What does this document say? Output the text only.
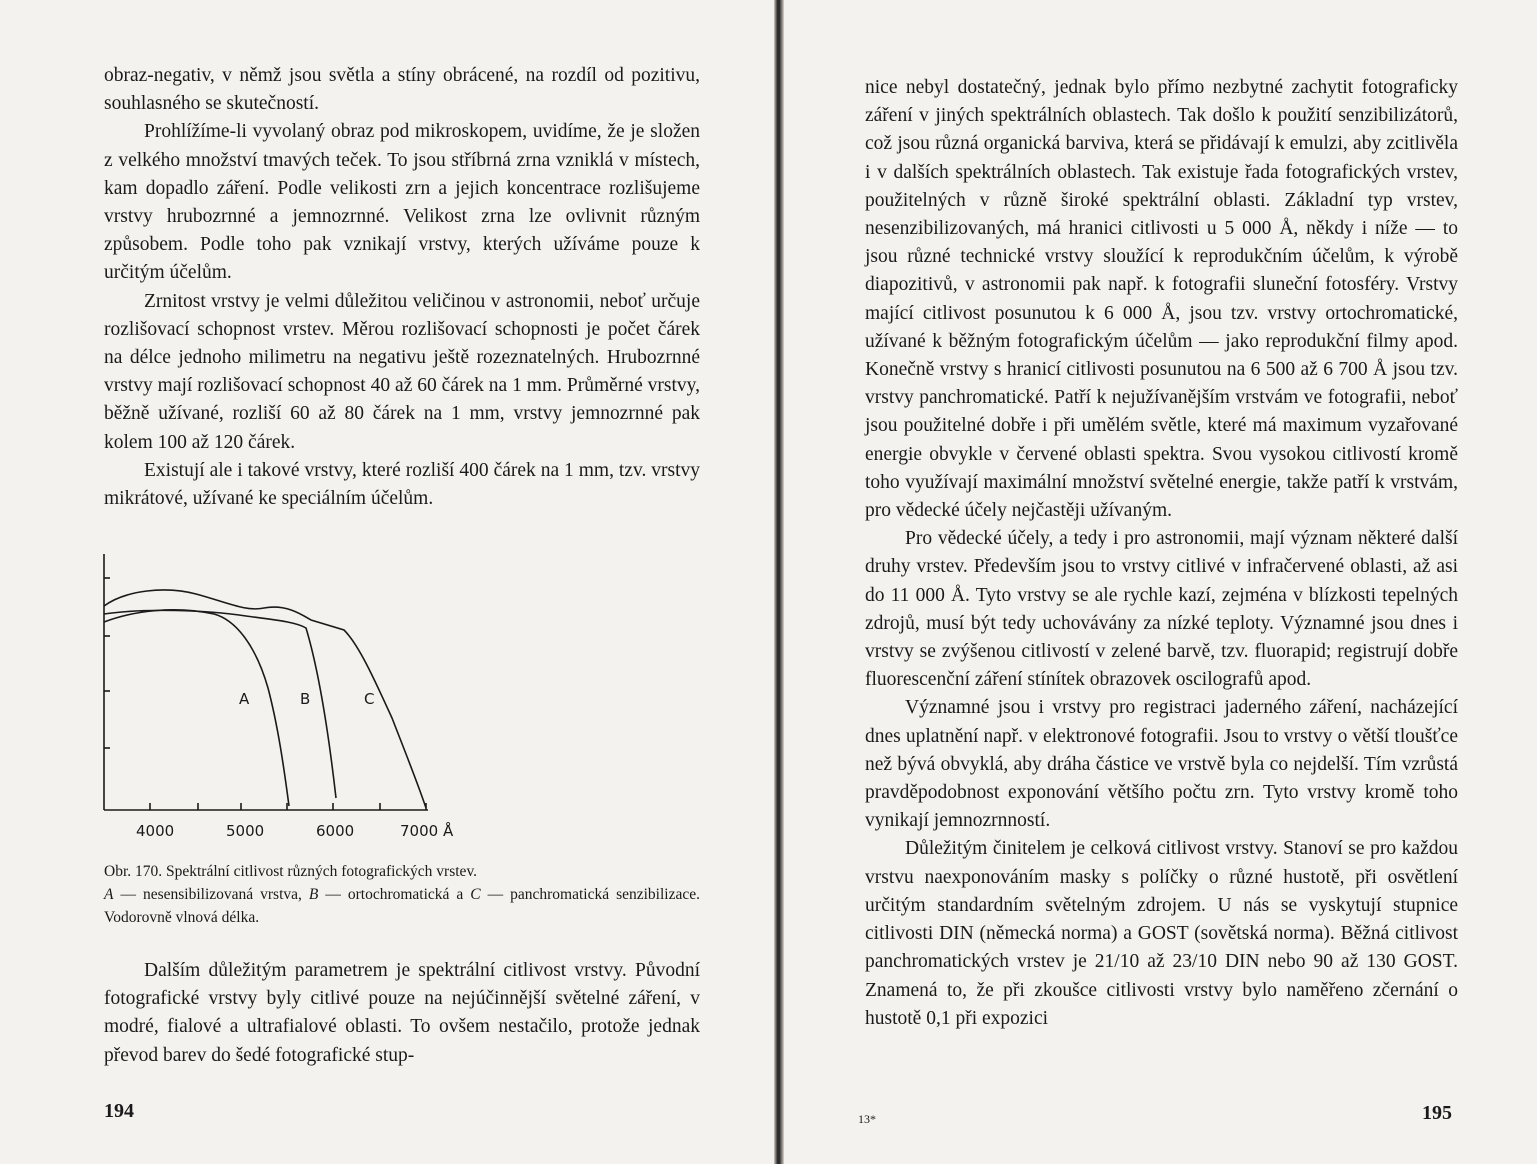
obraz-negativ, v němž jsou světla a stíny obrácené, na rozdíl od pozitivu, souhlasného se skutečností.

Prohlížíme-li vyvolaný obraz pod mikroskopem, uvidíme, že je složen z velkého množství tmavých teček. To jsou stříbrná zrna vzniklá v místech, kam dopadlo záření. Podle velikosti zrn a jejich koncentrace rozlišujeme vrstvy hrubozrnné a jemnozrnné. Velikost zrna lze ovlivnit různým způsobem. Podle toho pak vznikají vrstvy, kterých užíváme pouze k určitým účelům.

Zrnitost vrstvy je velmi důležitou veličinou v astronomii, neboť určuje rozlišovací schopnost vrstev. Měrou rozlišovací schopnosti je počet čárek na délce jednoho milimetru na negativu ještě rozeznatelných. Hrubozrnné vrstvy mají rozlišovací schopnost 40 až 60 čárek na 1 mm. Průměrné vrstvy, běžně užívané, rozliší 60 až 80 čárek na 1 mm, vrstvy jemnozrnné pak kolem 100 až 120 čárek.

Existují ale i takové vrstvy, které rozliší 400 čárek na 1 mm, tzv. vrstvy mikrátové, užívané ke speciálním účelům.

A	B	C
4000	5000	6000	7000 Å

Obr. 170. Spektrální citlivost různých fotografických vrstev.

A — nesensibilizovaná vrstva, B — ortochromatická a C — panchromatická senzibilizace. Vodorovně vlnová délka.

Dalším důležitým parametrem je spektrální citlivost vrstvy. Původní fotografické vrstvy byly citlivé pouze na nejúčinnější světelné záření, v modré, fialové a ultrafialové oblasti. To ovšem nestačilo, protože jednak převod barev do šedé fotografické stup-

194

nice nebyl dostatečný, jednak bylo přímo nezbytné zachytit fotograficky záření v jiných spektrálních oblastech. Tak došlo k použití senzibilizátorů, což jsou různá organická barviva, která se přidávají k emulzi, aby zcitlivěla i v dalších spektrálních oblastech. Tak existuje řada fotografických vrstev, použitelných v různě široké spektrální oblasti. Základní typ vrstev, nesenzibilizovaných, má hranici citlivosti u 5 000 Å, někdy i níže — to jsou různé technické vrstvy sloužící k reprodukčním účelům, k výrobě diapozitivů, v astronomii pak např. k fotografii sluneční fotosféry. Vrstvy mající citlivost posunutou k 6 000 Å, jsou tzv. vrstvy ortochromatické, užívané k běžným fotografickým účelům — jako reprodukční filmy apod. Konečně vrstvy s hranicí citlivosti posunutou na 6 500 až 6 700 Å jsou tzv. vrstvy panchromatické. Patří k nejužívanějším vrstvám ve fotografii, neboť jsou použitelné dobře i při umělém světle, které má maximum vyzařované energie obvykle v červené oblasti spektra. Svou vysokou citlivostí kromě toho využívají maximální množství světelné energie, takže patří k vrstvám, pro vědecké účely nejčastěji užívaným.

Pro vědecké účely, a tedy i pro astronomii, mají význam některé další druhy vrstev. Především jsou to vrstvy citlivé v infračervené oblasti, až asi do 11 000 Å. Tyto vrstvy se ale rychle kazí, zejména v blízkosti tepelných zdrojů, musí být tedy uchovávány za nízké teploty. Významné jsou dnes i vrstvy se zvýšenou citlivostí v zelené barvě, tzv. fluorapid; registrují dobře fluorescenční záření stínítek obrazovek oscilografů apod.

Významné jsou i vrstvy pro registraci jaderného záření, nacházející dnes uplatnění např. v elektronové fotografii. Jsou to vrstvy o větší tloušťce než bývá obvyklá, aby dráha částice ve vrstvě byla co nejdelší. Tím vzrůstá pravděpodobnost exponování většího počtu zrn. Tyto vrstvy kromě toho vynikají jemnozrnností.

Důležitým činitelem je celková citlivost vrstvy. Stanoví se pro každou vrstvu naexponováním masky s políčky o různé hustotě, při osvětlení určitým standardním světelným zdrojem. U nás se vyskytují stupnice citlivosti DIN (německá norma) a GOST (sovětská norma). Běžná citlivost panchromatických vrstev je 21/10 až 23/10 DIN nebo 90 až 130 GOST. Znamená to, že při zkoušce citlivosti vrstvy bylo naměřeno zčernání o hustotě 0,1 při expozici

13*	195
